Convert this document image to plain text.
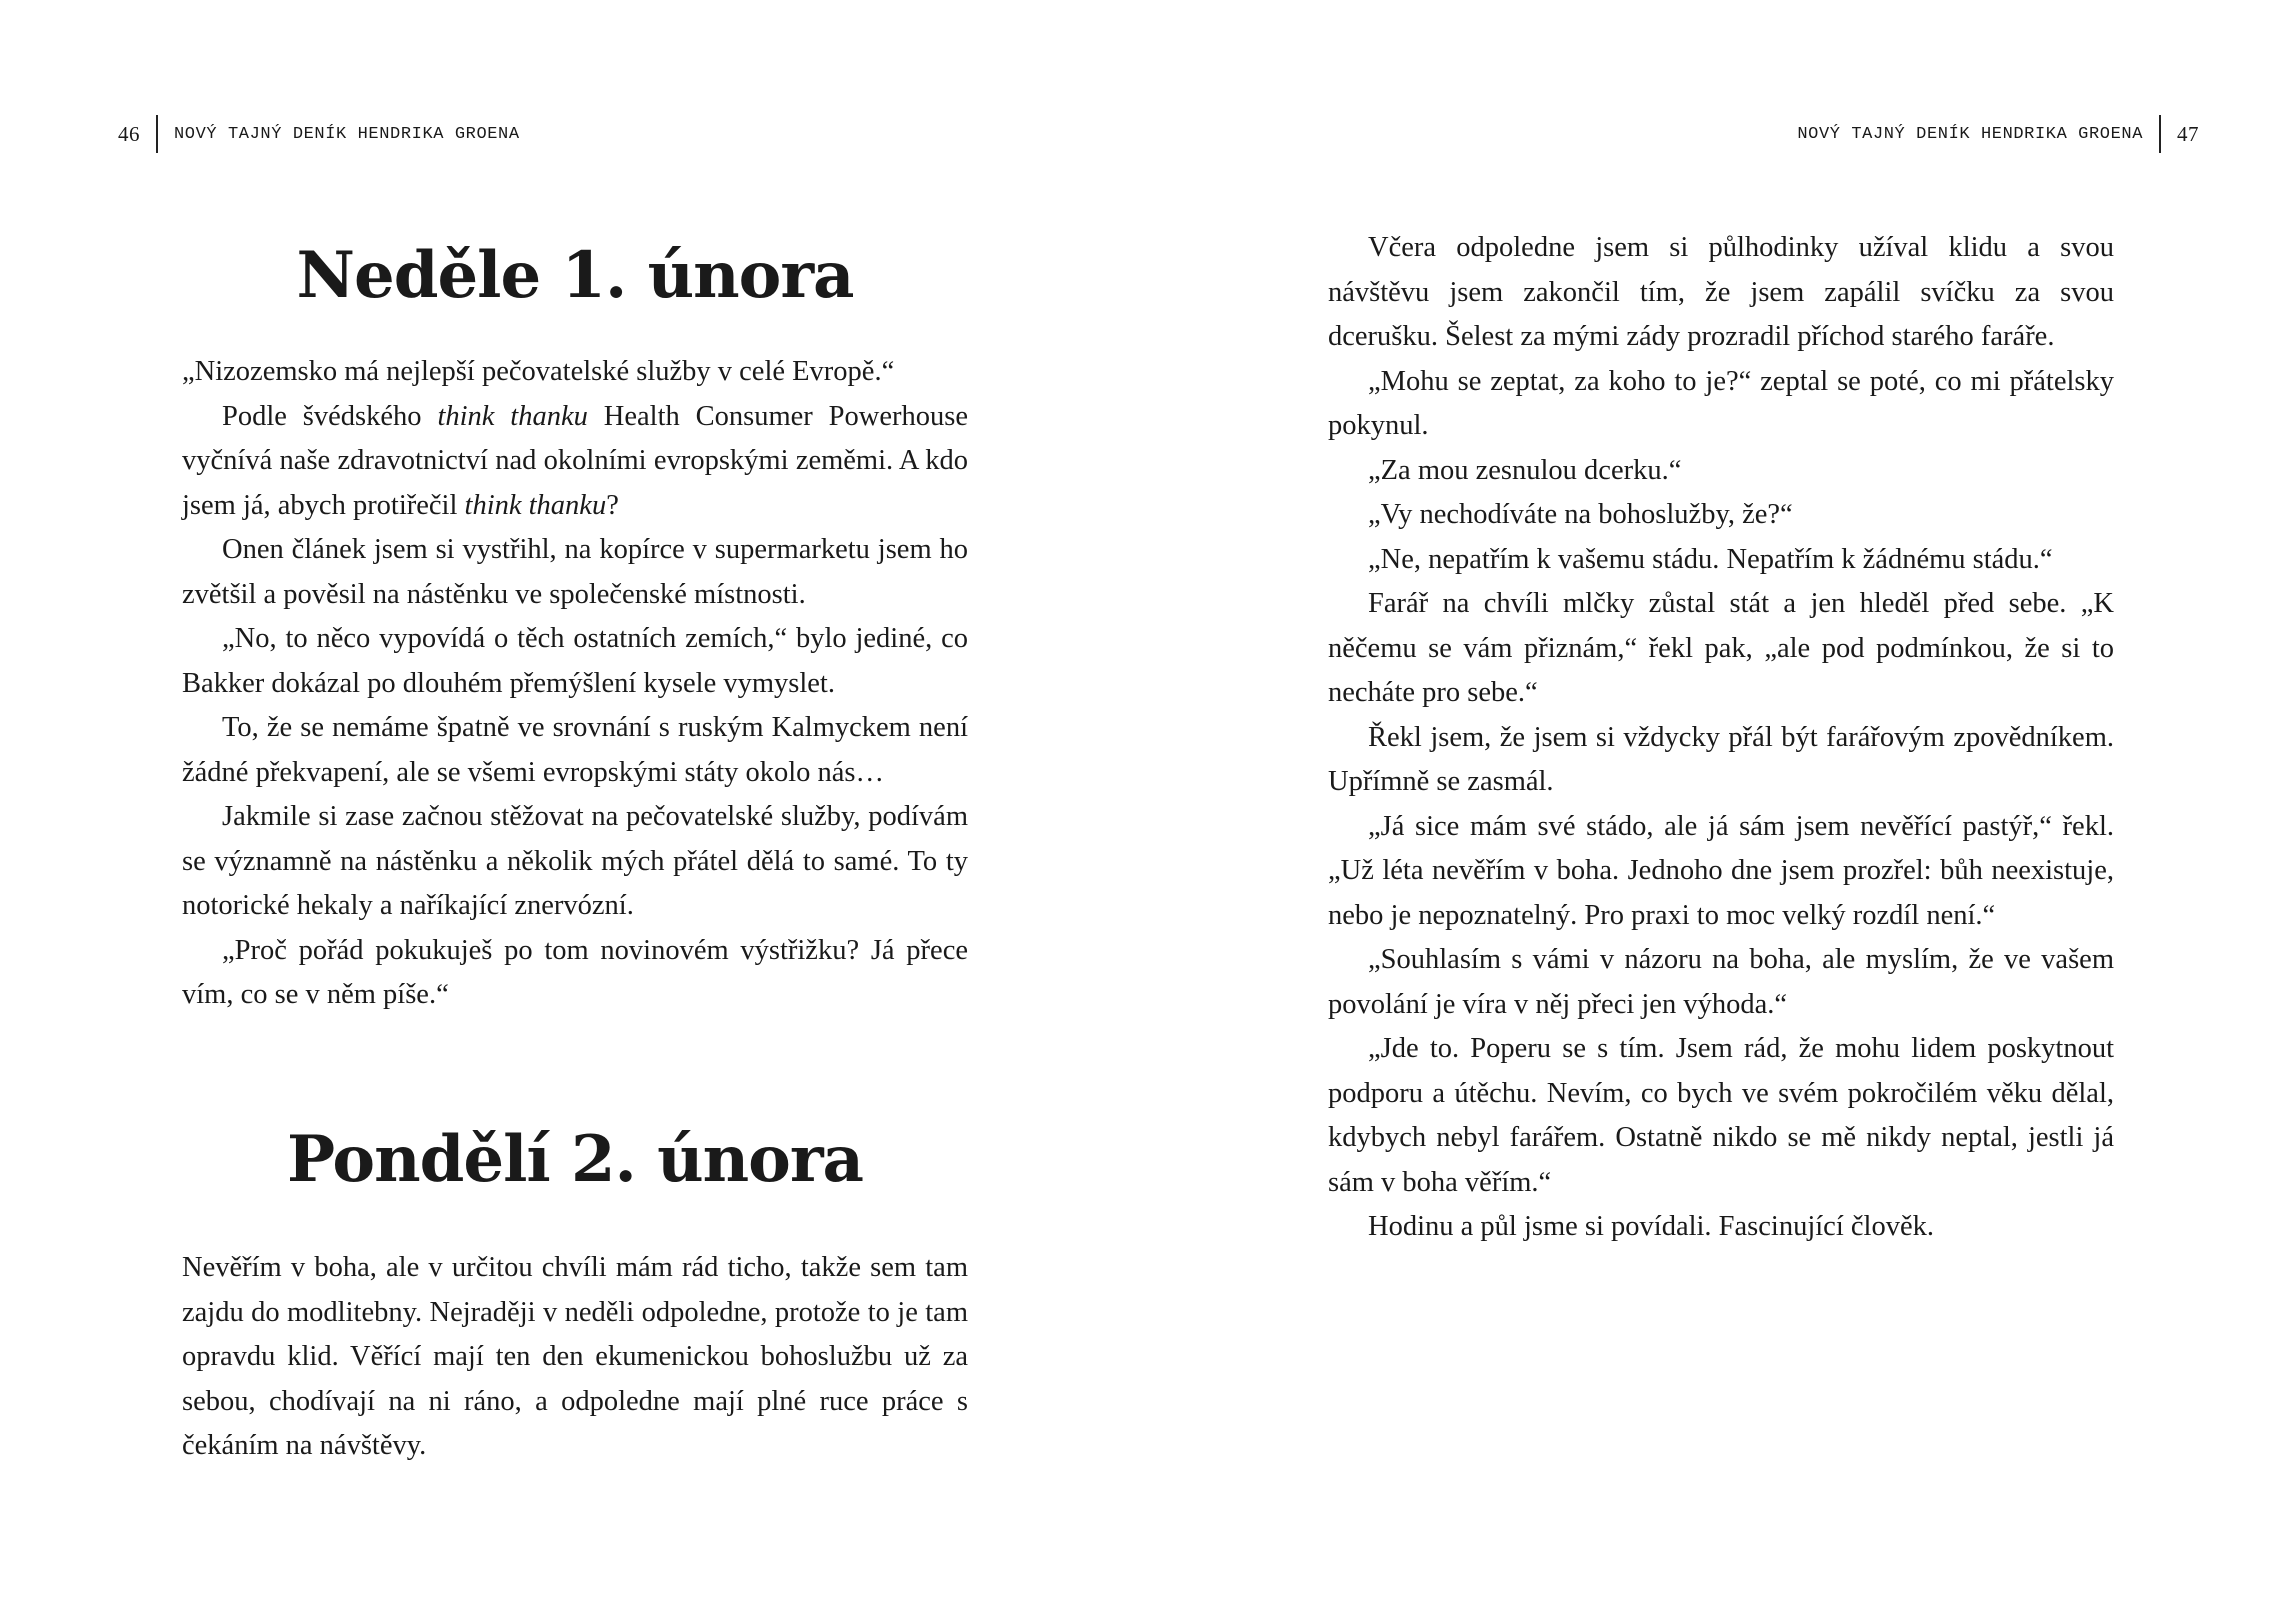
46 NOVÝ TAJNÝ DENÍK HENDRIKA GROENA
Neděle 1. února

„Nizozemsko má nejlepší pečovatelské služby v celé Evropě.“

Podle švédského think thanku Health Consumer Powerhouse vyčnívá naše zdravotnictví nad okolními evropskými zeměmi. A kdo jsem já, abych protiřečil think thanku?

Onen článek jsem si vystřihl, na kopírce v supermarketu jsem ho zvětšil a pověsil na nástěnku ve společenské místnosti.

„No, to něco vypovídá o těch ostatních zemích,“ bylo jediné, co Bakker dokázal po dlouhém přemýšlení kysele vymyslet.

To, že se nemáme špatně ve srovnání s ruským Kalmyckem není žádné překvapení, ale se všemi evropskými státy okolo nás…

Jakmile si zase začnou stěžovat na pečovatelské služby, podívám se významně na nástěnku a několik mých přátel dělá to samé. To ty notorické hekaly a naříkající znervózní.

„Proč pořád pokukuješ po tom novinovém výstřižku? Já přece vím, co se v něm píše.“

Pondělí 2. února

Nevěřím v boha, ale v určitou chvíli mám rád ticho, takže sem tam zajdu do modlitebny. Nejraději v neděli odpoledne, protože to je tam opravdu klid. Věřící mají ten den ekumenickou bohoslužbu už za sebou, chodívají na ni ráno, a odpoledne mají plné ruce práce s čekáním na návštěvy.

NOVÝ TAJNÝ DENÍK HENDRIKA GROENA 47

Včera odpoledne jsem si půlhodinky užíval klidu a svou návštěvu jsem zakončil tím, že jsem zapálil svíčku za svou dcerušku. Šelest za mými zády prozradil příchod starého faráře.

„Mohu se zeptat, za koho to je?“ zeptal se poté, co mi přátelsky pokynul.

„Za mou zesnulou dcerku.“

„Vy nechodíváte na bohoslužby, že?“

„Ne, nepatřím k vašemu stádu. Nepatřím k žádnému stádu.“

Farář na chvíli mlčky zůstal stát a jen hleděl před sebe. „K něčemu se vám přiznám,“ řekl pak, „ale pod podmínkou, že si to necháte pro sebe.“

Řekl jsem, že jsem si vždycky přál být farářovým zpovědníkem. Upřímně se zasmál.

„Já sice mám své stádo, ale já sám jsem nevěřící pastýř,“ řekl. „Už léta nevěřím v boha. Jednoho dne jsem prozřel: bůh neexistuje, nebo je nepoznatelný. Pro praxi to moc velký rozdíl není.“

„Souhlasím s vámi v názoru na boha, ale myslím, že ve vašem povolání je víra v něj přeci jen výhoda.“

„Jde to. Poperu se s tím. Jsem rád, že mohu lidem poskytnout podporu a útěchu. Nevím, co bych ve svém pokročilém věku dělal, kdybych nebyl farářem. Ostatně nikdo se mě nikdy neptal, jestli já sám v boha věřím.“

Hodinu a půl jsme si povídali. Fascinující člověk.
